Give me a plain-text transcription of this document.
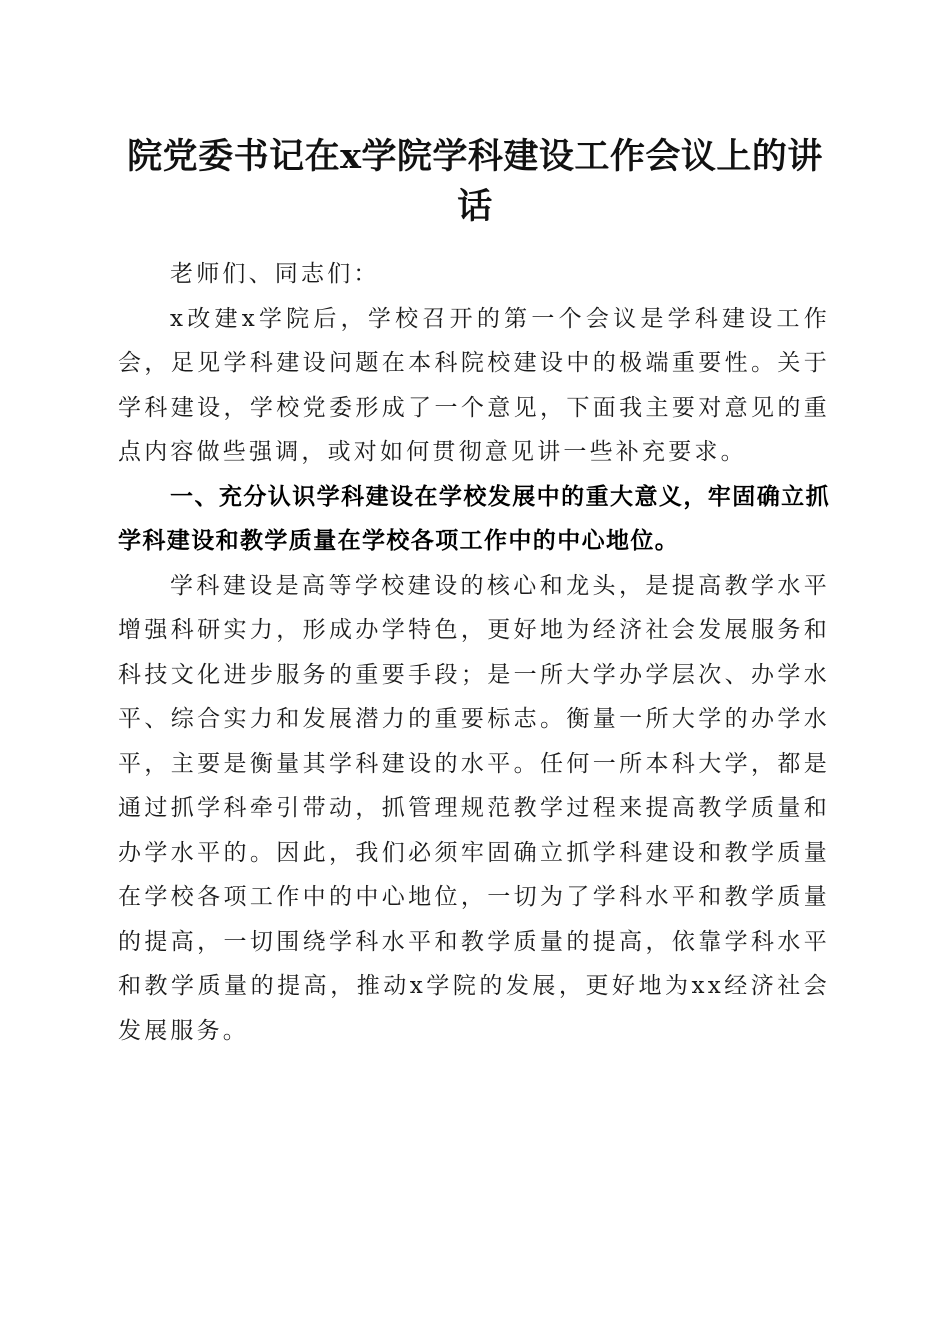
院党委书记在x学院学科建设工作会议上的讲话

老师们、同志们：

x改建x学院后，学校召开的第一个会议是学科建设工作会，足见学科建设问题在本科院校建设中的极端重要性。关于学科建设，学校党委形成了一个意见，下面我主要对意见的重点内容做些强调，或对如何贯彻意见讲一些补充要求。

一、充分认识学科建设在学校发展中的重大意义，牢固确立抓学科建设和教学质量在学校各项工作中的中心地位。

学科建设是高等学校建设的核心和龙头，是提高教学水平增强科研实力，形成办学特色，更好地为经济社会发展服务和科技文化进步服务的重要手段；是一所大学办学层次、办学水平、综合实力和发展潜力的重要标志。衡量一所大学的办学水平，主要是衡量其学科建设的水平。任何一所本科大学，都是通过抓学科牵引带动，抓管理规范教学过程来提高教学质量和办学水平的。因此，我们必须牢固确立抓学科建设和教学质量在学校各项工作中的中心地位，一切为了学科水平和教学质量的提高，一切围绕学科水平和教学质量的提高，依靠学科水平和教学质量的提高，推动x学院的发展，更好地为xx经济社会发展服务。
